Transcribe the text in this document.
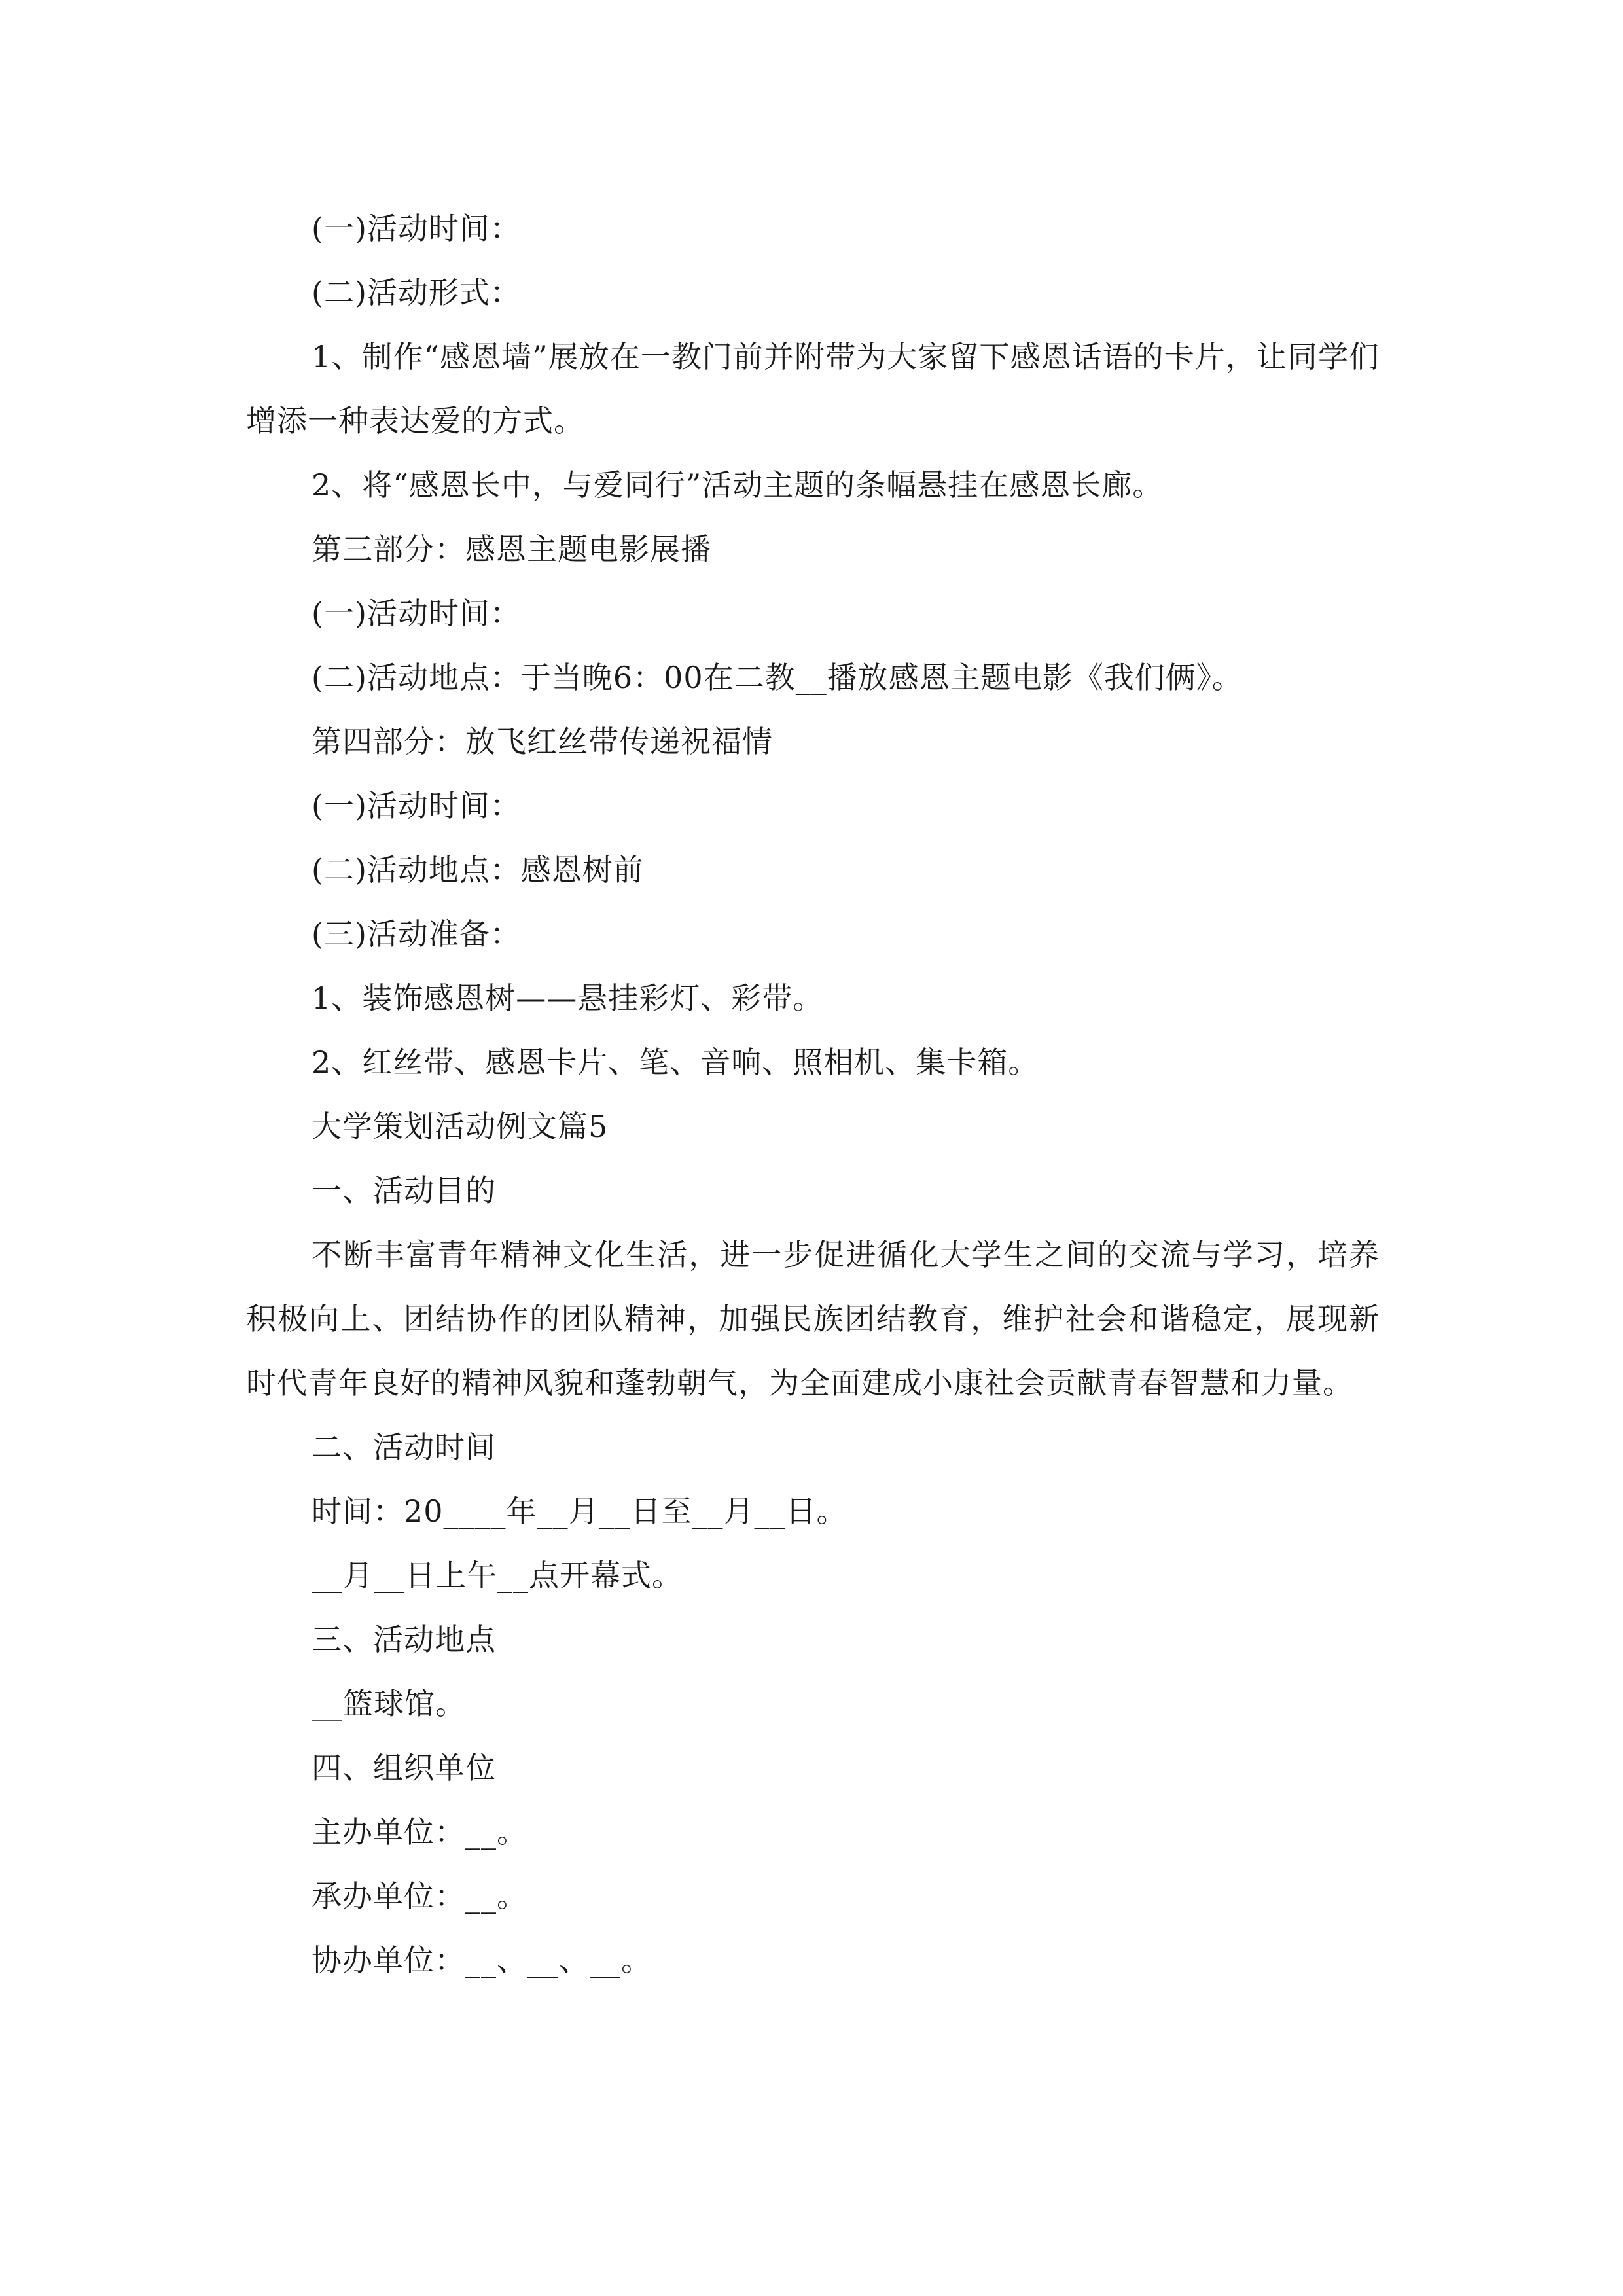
(一)活动时间：

(二)活动形式：

1、制作“感恩墙”展放在一教门前并附带为大家留下感恩话语的卡片，让同学们增添一种表达爱的方式。

2、将“感恩长中，与爱同行”活动主题的条幅悬挂在感恩长廊。

第三部分：感恩主题电影展播

(一)活动时间：

(二)活动地点：于当晚6：00在二教__播放感恩主题电影《我们俩》。

第四部分：放飞红丝带传递祝福情

(一)活动时间：

(二)活动地点：感恩树前

(三)活动准备：

1、装饰感恩树——悬挂彩灯、彩带。

2、红丝带、感恩卡片、笔、音响、照相机、集卡箱。

大学策划活动例文篇5

一、活动目的

不断丰富青年精神文化生活，进一步促进循化大学生之间的交流与学习，培养积极向上、团结协作的团队精神，加强民族团结教育，维护社会和谐稳定，展现新时代青年良好的精神风貌和蓬勃朝气，为全面建成小康社会贡献青春智慧和力量。

二、活动时间

时间：20____年__月__日至__月__日。

__月__日上午__点开幕式。

三、活动地点

__篮球馆。

四、组织单位

主办单位：__。

承办单位：__。

协办单位：__、__、__。
